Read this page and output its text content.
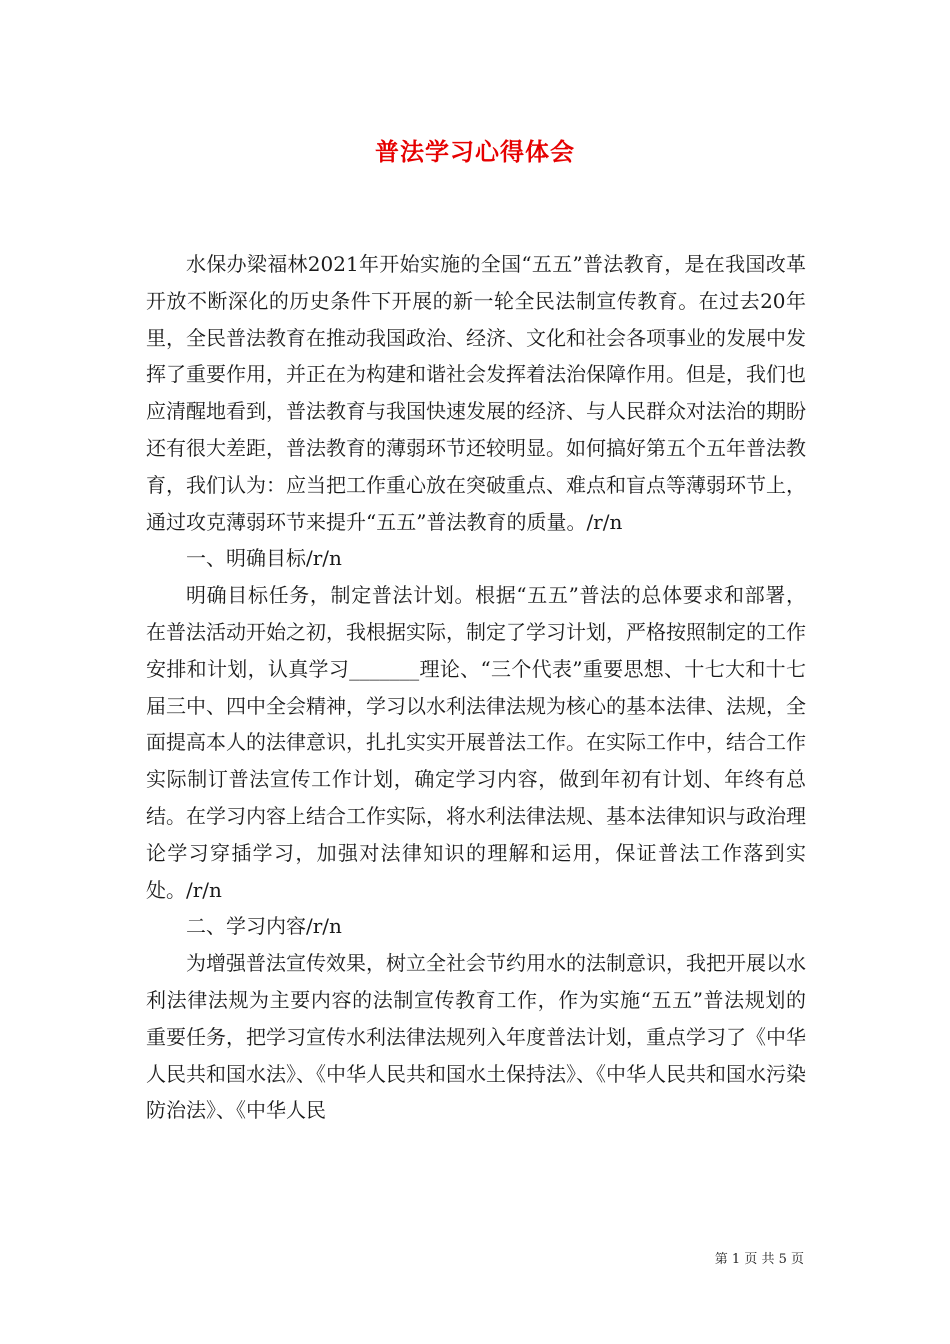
普法学习心得体会

水保办梁福林2021年开始实施的全国“五五”普法教育，是在我国改革开放不断深化的历史条件下开展的新一轮全民法制宣传教育。在过去20年里，全民普法教育在推动我国政治、经济、文化和社会各项事业的发展中发挥了重要作用，并正在为构建和谐社会发挥着法治保障作用。但是，我们也应清醒地看到，普法教育与我国快速发展的经济、与人民群众对法治的期盼还有很大差距，普法教育的薄弱环节还较明显。如何搞好第五个五年普法教育，我们认为：应当把工作重心放在突破重点、难点和盲点等薄弱环节上，通过攻克薄弱环节来提升“五五”普法教育的质量。/r/n

一、明确目标/r/n

明确目标任务，制定普法计划。根据“五五”普法的总体要求和部署，在普法活动开始之初，我根据实际，制定了学习计划，严格按照制定的工作安排和计划，认真学习_______理论、“三个代表”重要思想、十七大和十七届三中、四中全会精神，学习以水利法律法规为核心的基本法律、法规，全面提高本人的法律意识，扎扎实实开展普法工作。在实际工作中，结合工作实际制订普法宣传工作计划，确定学习内容，做到年初有计划、年终有总结。在学习内容上结合工作实际，将水利法律法规、基本法律知识与政治理论学习穿插学习，加强对法律知识的理解和运用，保证普法工作落到实处。/r/n

二、学习内容/r/n

为增强普法宣传效果，树立全社会节约用水的法制意识，我把开展以水利法律法规为主要内容的法制宣传教育工作，作为实施“五五”普法规划的重要任务，把学习宣传水利法律法规列入年度普法计划，重点学习了《中华人民共和国水法》、《中华人民共和国水土保持法》、《中华人民共和国水污染防治法》、《中华人民

第 1 页 共 5 页
